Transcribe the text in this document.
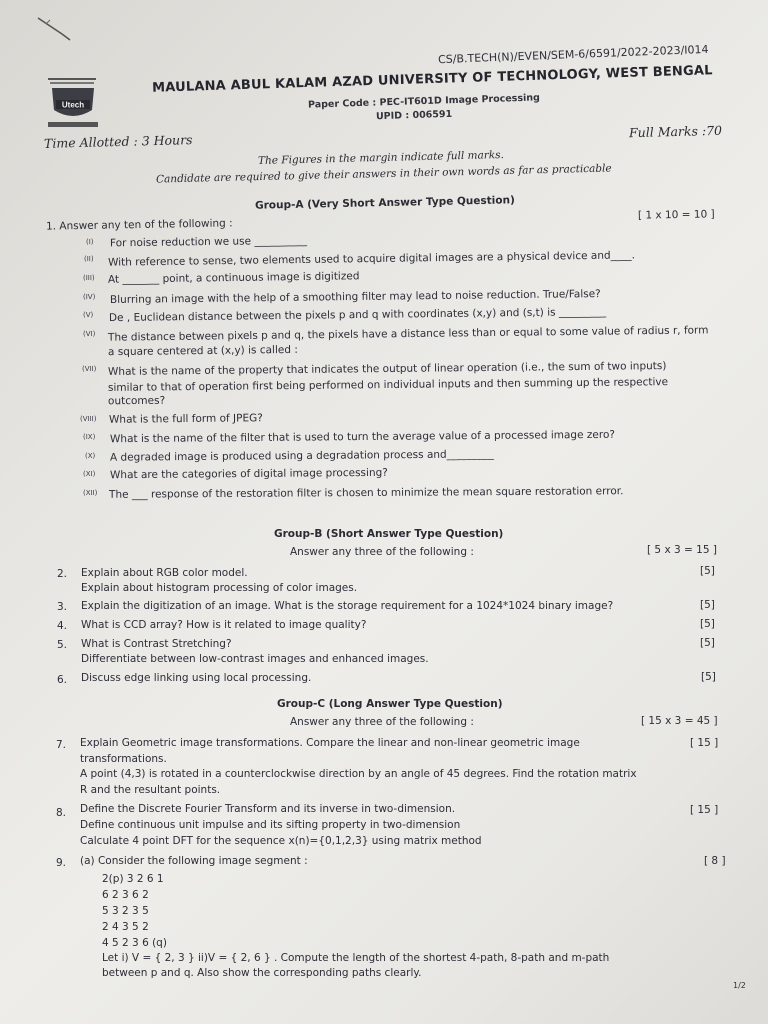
CS/B.TECH(N)/EVEN/SEM-6/6591/2022-2023/I014
Utech
MAULANA ABUL KALAM AZAD UNIVERSITY OF TECHNOLOGY, WEST BENGAL
Paper Code : PEC-IT601D Image Processing
UPID : 006591
Time Allotted : 3 Hours
Full Marks :70
The Figures in the margin indicate full marks.
Candidate are required to give their answers in their own words as far as practicable
Group-A (Very Short Answer Type Question)
1. Answer any ten of the following :
[ 1 x 10 = 10 ]
(I) For noise reduction we use __________
(II) With reference to sense, two elements used to acquire digital images are a physical device and____.
(III) At _______ point, a continuous image is digitized
(IV) Blurring an image with the help of a smoothing filter may lead to noise reduction. True/False?
(V) De , Euclidean distance between the pixels p and q with coordinates (x,y) and (s,t) is _________
(VI) The distance between pixels p and q, the pixels have a distance less than or equal to some value of radius r, form
a square centered at (x,y) is called :
(VII) What is the name of the property that indicates the output of linear operation (i.e., the sum of two inputs)
similar to that of operation first being performed on individual inputs and then summing up the respective
outcomes?
(VIII) What is the full form of JPEG?
(IX) What is the name of the filter that is used to turn the average value of a processed image zero?
(X) A degraded image is produced using a degradation process and_________
(XI) What are the categories of digital image processing?
(XII) The ___ response of the restoration filter is chosen to minimize the mean square restoration error.
Group-B (Short Answer Type Question)
Answer any three of the following :	[ 5 x 3 = 15 ]
2. Explain about RGB color model.	[5]
Explain about histogram processing of color images.
3. Explain the digitization of an image. What is the storage requirement for a 1024*1024 binary image?	[5]
4. What is CCD array? How is it related to image quality?	[5]
5. What is Contrast Stretching?	[5]
Differentiate between low-contrast images and enhanced images.
6. Discuss edge linking using local processing.	[5]
Group-C (Long Answer Type Question)
Answer any three of the following :	[ 15 x 3 = 45 ]
7. Explain Geometric image transformations. Compare the linear and non-linear geometric image	[ 15 ]
transformations.
A point (4,3) is rotated in a counterclockwise direction by an angle of 45 degrees. Find the rotation matrix
R and the resultant points.
8. Define the Discrete Fourier Transform and its inverse in two-dimension.	[ 15 ]
Define continuous unit impulse and its sifting property in two-dimension
Calculate 4 point DFT for the sequence x(n)={0,1,2,3} using matrix method
9. (a) Consider the following image segment :	[ 8 ]
2(p) 3 2 6 1
6 2 3 6 2
5 3 2 3 5
2 4 3 5 2
4 5 2 3 6 (q)
Let i) V = { 2, 3 } ii)V = { 2, 6 } . Compute the length of the shortest 4-path, 8-path and m-path
between p and q. Also show the corresponding paths clearly.
1/2
